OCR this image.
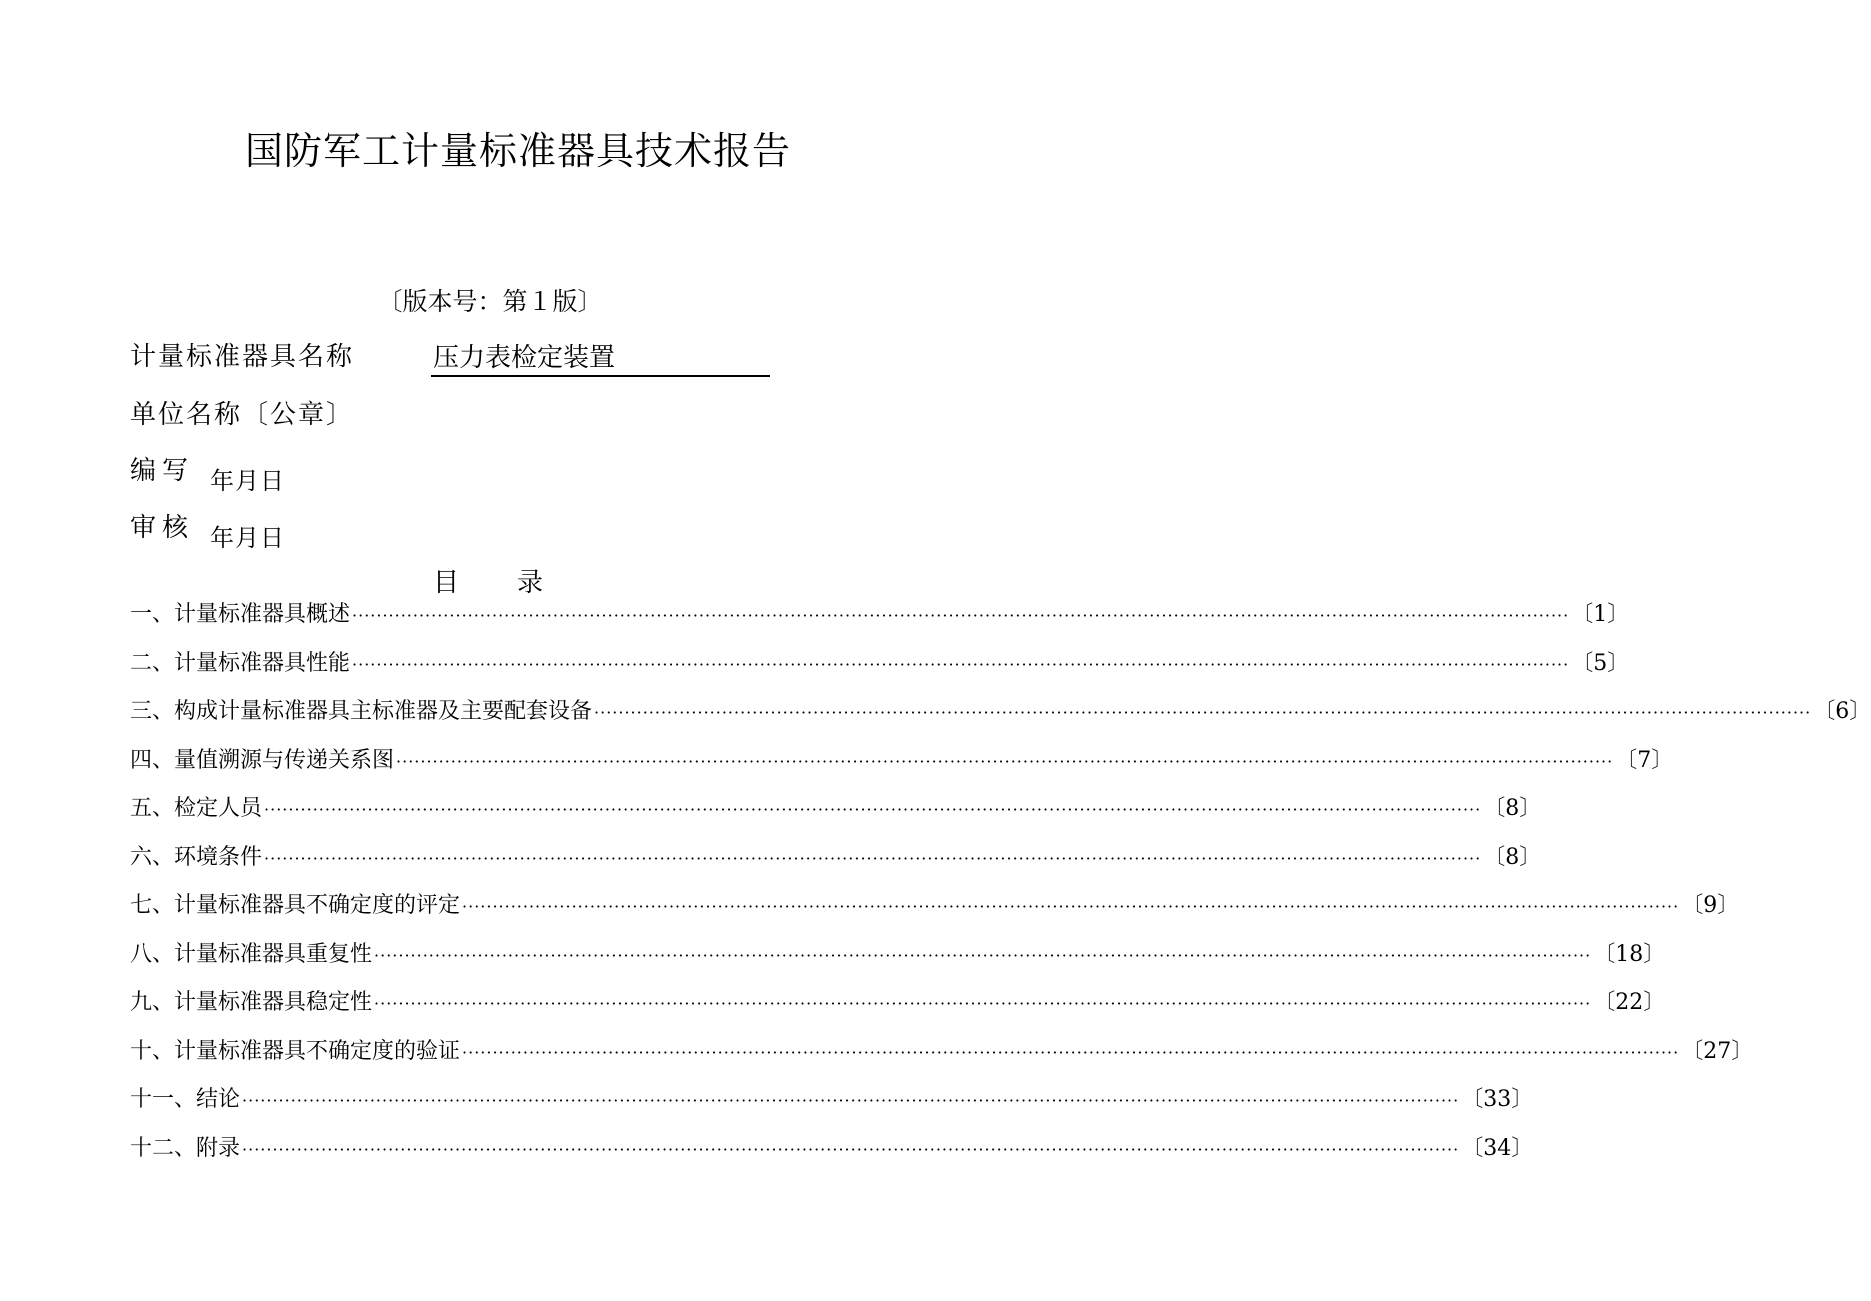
国防军工计量标准器具技术报告
〔版本号：第１版〕
计量标准器具名称	压力表检定装置
单位名称〔公章〕
编写 年月日
审核 年月日
目 录
一、计量标准器具概述 ········································································································································································································ 〔1〕
二、计量标准器具性能 ········································································································································································································ 〔5〕
三、构成计量标准器具主标准器及主要配套设备 ········································································································································································································ 〔6〕
四、量值溯源与传递关系图 ········································································································································································································ 〔7〕
五、检定人员 ········································································································································································································ 〔8〕
六、环境条件 ········································································································································································································ 〔8〕
七、计量标准器具不确定度的评定 ········································································································································································································ 〔9〕
八、计量标准器具重复性 ········································································································································································································ 〔18〕
九、计量标准器具稳定性 ········································································································································································································ 〔22〕
十、计量标准器具不确定度的验证 ········································································································································································································ 〔27〕
十一、结论 ········································································································································································································ 〔33〕
十二、附录 ········································································································································································································ 〔34〕
